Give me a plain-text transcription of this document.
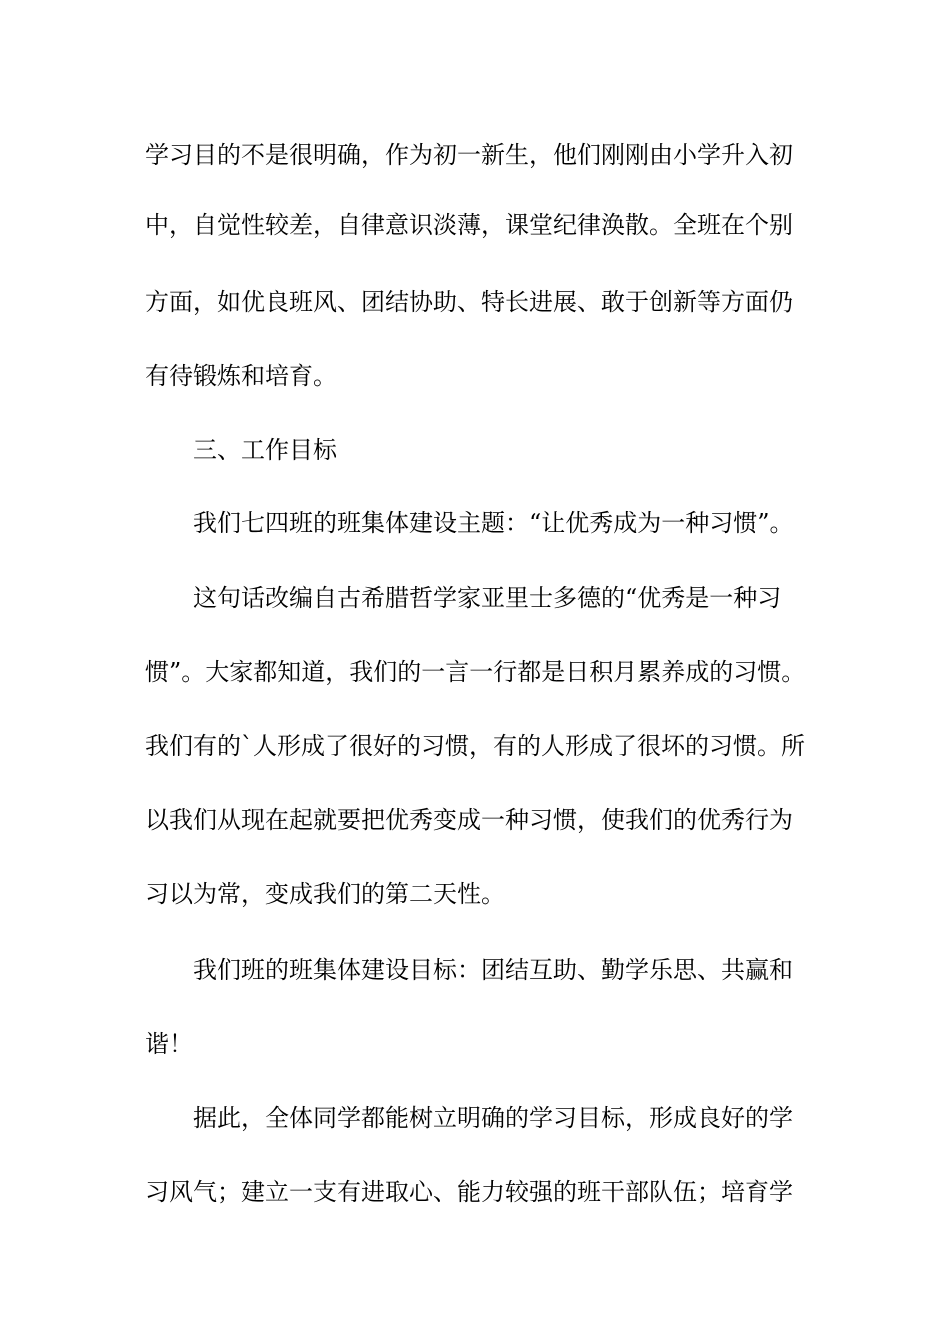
学习目的不是很明确，作为初一新生，他们刚刚由小学升入初
中，自觉性较差，自律意识淡薄，课堂纪律涣散。全班在个别
方面，如优良班风、团结协助、特长进展、敢于创新等方面仍
有待锻炼和培育。
三、工作目标
我们七四班的班集体建设主题：“让优秀成为一种习惯”。
这句话改编自古希腊哲学家亚里士多德的“优秀是一种习
惯”。大家都知道，我们的一言一行都是日积月累养成的习惯。
我们有的`人形成了很好的习惯，有的人形成了很坏的习惯。所
以我们从现在起就要把优秀变成一种习惯，使我们的优秀行为
习以为常，变成我们的第二天性。
我们班的班集体建设目标：团结互助、勤学乐思、共赢和
谐！
据此，全体同学都能树立明确的学习目标，形成良好的学
习风气；建立一支有进取心、能力较强的班干部队伍；培育学
